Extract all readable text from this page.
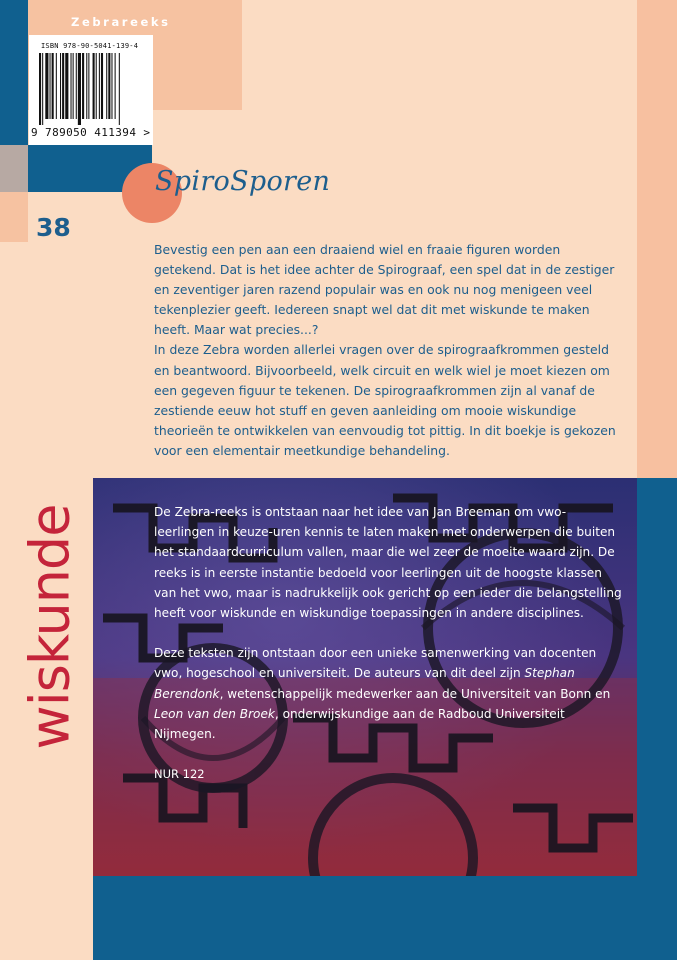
Zebrareeks
ISBN 978-90-5041-139-4
9 789050 411394 >
SpiroSporen
38

Bevestig een pen aan een draaiend wiel en fraaie figuren worden getekend. Dat is het idee achter de Spirograaf, een spel dat in de zestiger en zeventiger jaren razend populair was en ook nu nog menigeen veel tekenplezier geeft. Iedereen snapt wel dat dit met wiskunde te maken heeft. Maar wat precies...?

In deze Zebra worden allerlei vragen over de spirograafkrommen gesteld en beantwoord. Bijvoorbeeld, welk circuit en welk wiel je moet kiezen om een gegeven figuur te tekenen. De spirograafkrommen zijn al vanaf de zestiende eeuw hot stuff en geven aanleiding om mooie wiskundige theorieën te ontwikkelen van eenvoudig tot pittig. In dit boekje is gekozen voor een elementair meetkundige behandeling.

wiskunde	De Zebra-reeks is ontstaan naar het idee van Jan Breeman om vwo-leerlingen in keuze-uren kennis te laten maken met onderwerpen die buiten het standaardcurriculum vallen, maar die wel zeer de moeite waard zijn. De reeks is in eerste instantie bedoeld voor leerlingen uit de hoogste klassen van het vwo, maar is nadrukkelijk ook gericht op een ieder die belangstelling heeft voor wiskunde en wiskundige toepassingen in andere disciplines.

Deze teksten zijn ontstaan door een unieke samenwerking van docenten vwo, hogeschool en universiteit. De auteurs van dit deel zijn Stephan Berendonk, wetenschappelijk medewerker aan de Universiteit van Bonn en Leon van den Broek, onderwijskundige aan de Radboud Universiteit Nijmegen.

NUR 122
